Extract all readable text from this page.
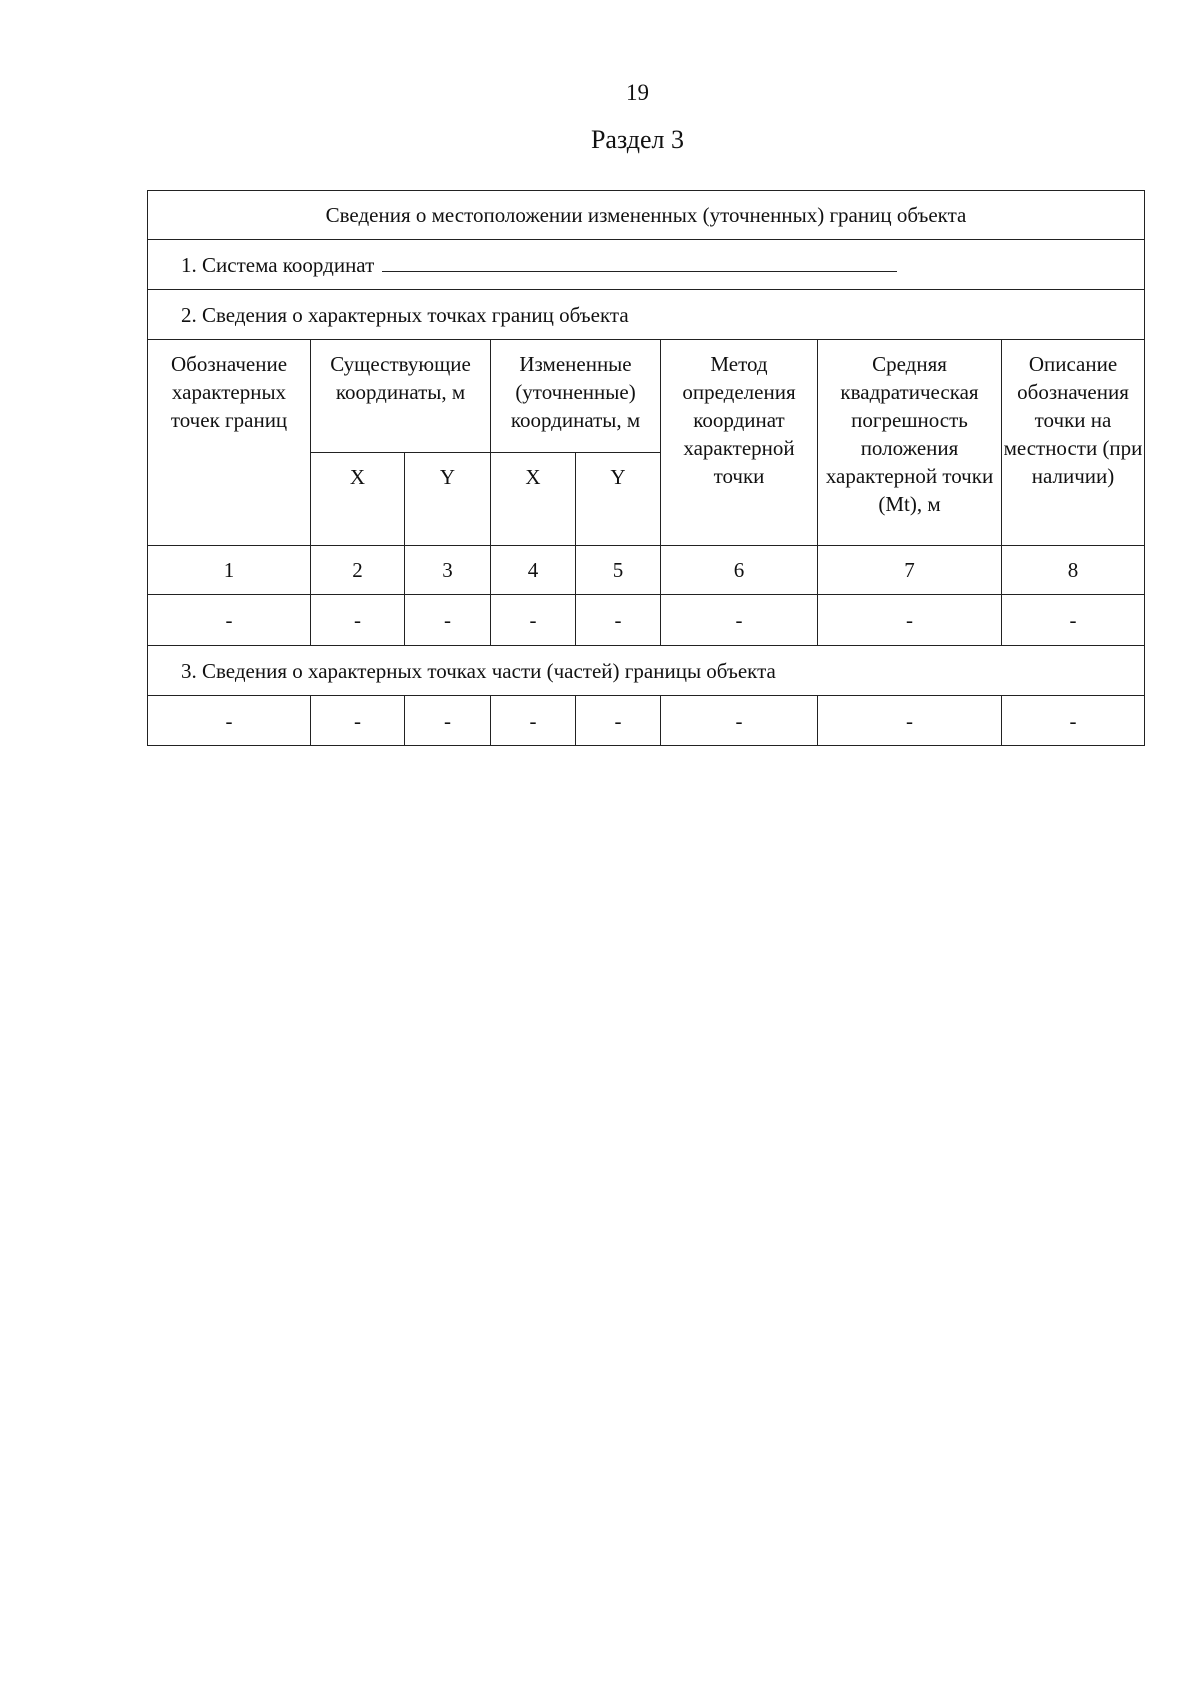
19
Раздел 3
Сведения о местоположении измененных (уточненных) границ объекта							
1. Система координат							
2. Сведения о характерных точках границ объекта							
Обозначение характерных точек границ	Существующие координаты, м		Измененные (уточненные) координаты, м		Метод определения координат характерной точки	Средняя квадратическая погрешность положения характерной точки (Mt), м	Описание обозначения точки на местности (при наличии)
	X	Y	X	Y			
1	2	3	4	5	6	7	8
-	-	-	-	-	-	-	-
3. Сведения о характерных точках части (частей) границы объекта							
-	-	-	-	-	-	-	-
